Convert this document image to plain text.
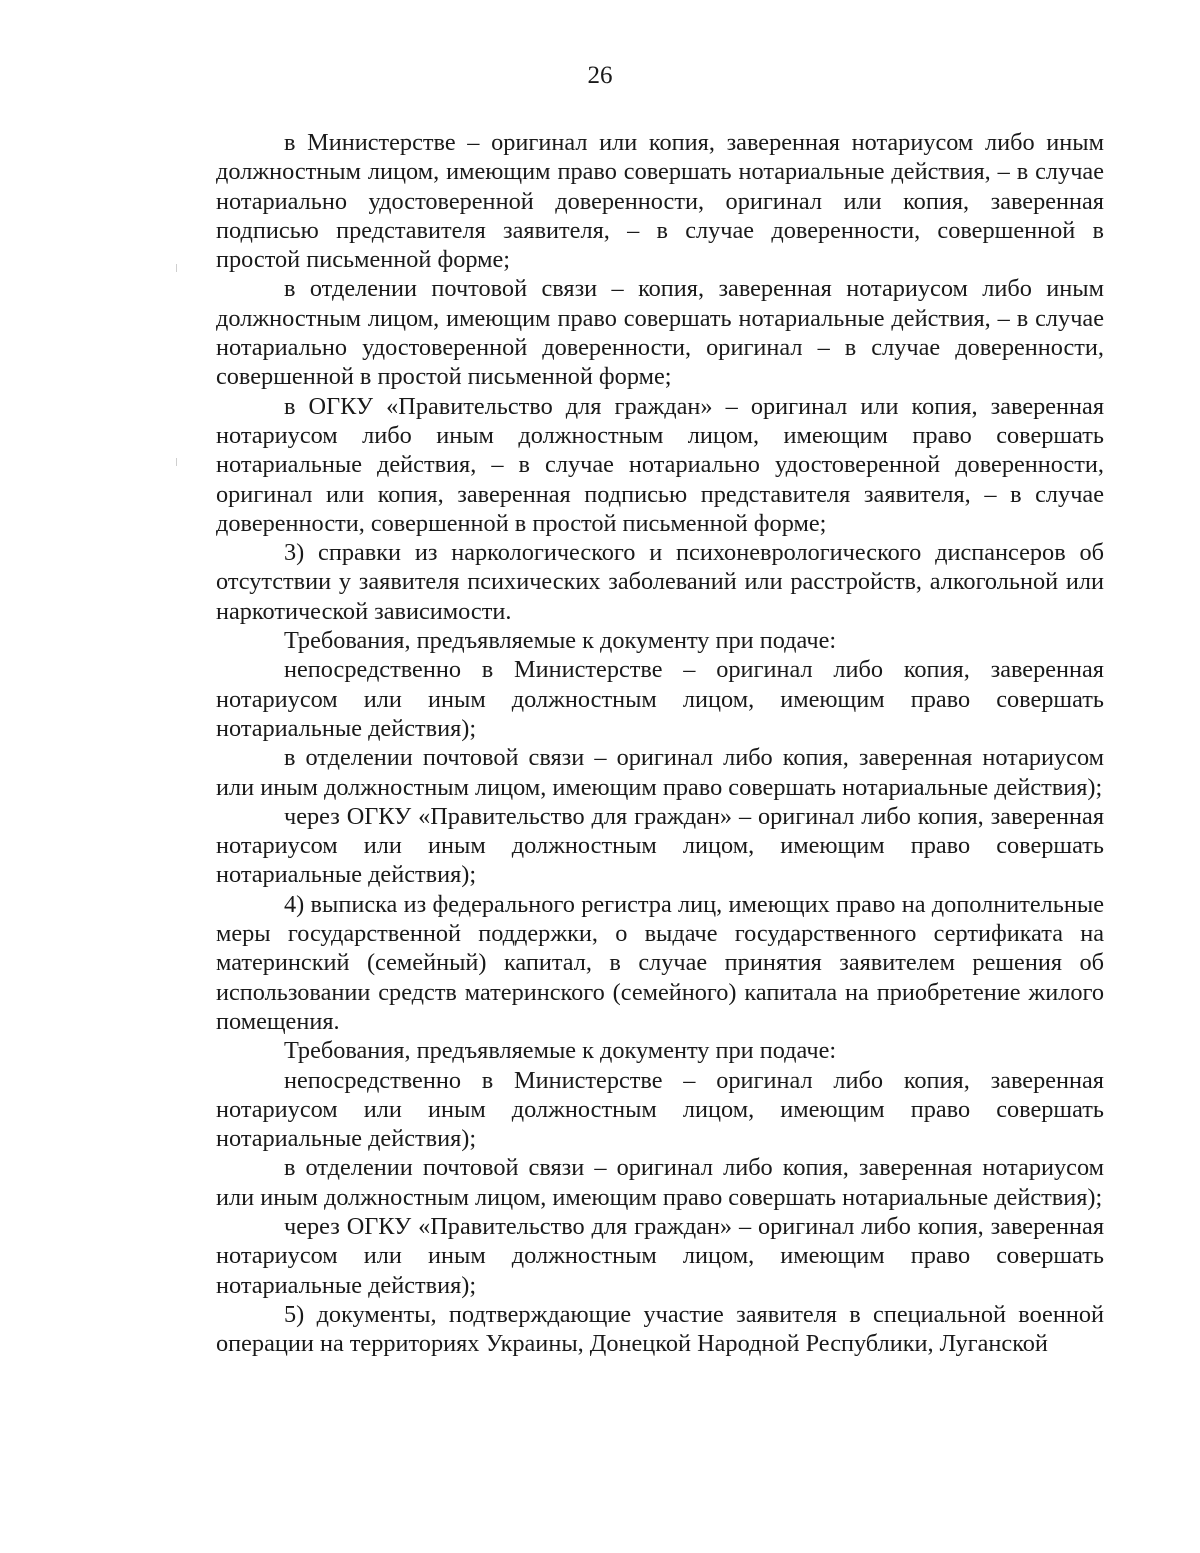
26

в Министерстве – оригинал или копия, заверенная нотариусом либо иным должностным лицом, имеющим право совершать нотариальные действия, – в случае нотариально удостоверенной доверенности, оригинал или копия, заверенная подписью представителя заявителя, – в случае доверенности, совершенной в простой письменной форме;

в отделении почтовой связи – копия, заверенная нотариусом либо иным должностным лицом, имеющим право совершать нотариальные действия, – в случае нотариально удостоверенной доверенности, оригинал – в случае доверенности, совершенной в простой письменной форме;

в ОГКУ «Правительство для граждан» – оригинал или копия, заверенная нотариусом либо иным должностным лицом, имеющим право совершать нотариальные действия, – в случае нотариально удостоверенной доверенности, оригинал или копия, заверенная подписью представителя заявителя, – в случае доверенности, совершенной в простой письменной форме;

3) справки из наркологического и психоневрологического диспансеров об отсутствии у заявителя психических заболеваний или расстройств, алкогольной или наркотической зависимости.

Требования, предъявляемые к документу при подаче:

непосредственно в Министерстве – оригинал либо копия, заверенная нотариусом или иным должностным лицом, имеющим право совершать нотариальные действия);

в отделении почтовой связи – оригинал либо копия, заверенная нотариусом или иным должностным лицом, имеющим право совершать нотариальные действия);

через ОГКУ «Правительство для граждан» – оригинал либо копия, заверенная нотариусом или иным должностным лицом, имеющим право совершать нотариальные действия);

4) выписка из федерального регистра лиц, имеющих право на дополнительные меры государственной поддержки, о выдаче государственного сертификата на материнский (семейный) капитал, в случае принятия заявителем решения об использовании средств материнского (семейного) капитала на приобретение жилого помещения.

Требования, предъявляемые к документу при подаче:

непосредственно в Министерстве – оригинал либо копия, заверенная нотариусом или иным должностным лицом, имеющим право совершать нотариальные действия);

в отделении почтовой связи – оригинал либо копия, заверенная нотариусом или иным должностным лицом, имеющим право совершать нотариальные действия);

через ОГКУ «Правительство для граждан» – оригинал либо копия, заверенная нотариусом или иным должностным лицом, имеющим право совершать нотариальные действия);

5) документы, подтверждающие участие заявителя в специальной военной операции на территориях Украины, Донецкой Народной Республики, Луганской
